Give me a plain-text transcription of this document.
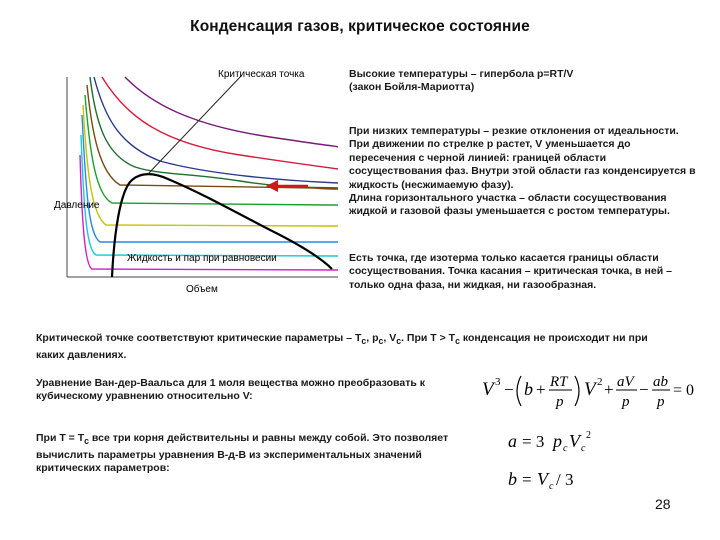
Конденсация газов, критическое состояние
Критическая точка
Давление
Жидкость и пар при равновесии
Объем
Высокие температуры – гипербола p=RT/V
(закон Бойля-Мариотта)
При низких температуры – резкие отклонения от идеальности. При движении по стрелке p растет, V уменьшается до пересечения с черной линией: границей области сосуществования фаз. Внутри этой области газ конденсируется в жидкость (несжимаемую фазу).
Длина горизонтального участка – области сосуществования жидкой и газовой фазы уменьшается с ростом температуры.
Есть точка, где изотерма только касается границы области сосуществования. Точка касания – критическая точка, в ней – только одна фаза, ни жидкая, ни газообразная.
Критической точке соответствуют критические параметры – $T_c$, $p_c$, $V_c$. При $T > T_c$ конденсация не происходит ни при каких давлениях.
Уравнение Ван-дер-Ваальса для 1 моля вещества можно преобразовать к кубическому уравнению относительно V:
При $T = T_c$ все три корня действительны и равны между собой. Это позволяет вычислить параметры уравнения В-д-В из экспериментальных значений критических параметров:
V 3 − b + RT
p
V 2 + aV
p
− ab
p
= 0
a = 3 p c V c
2
b = V c / 3
28
